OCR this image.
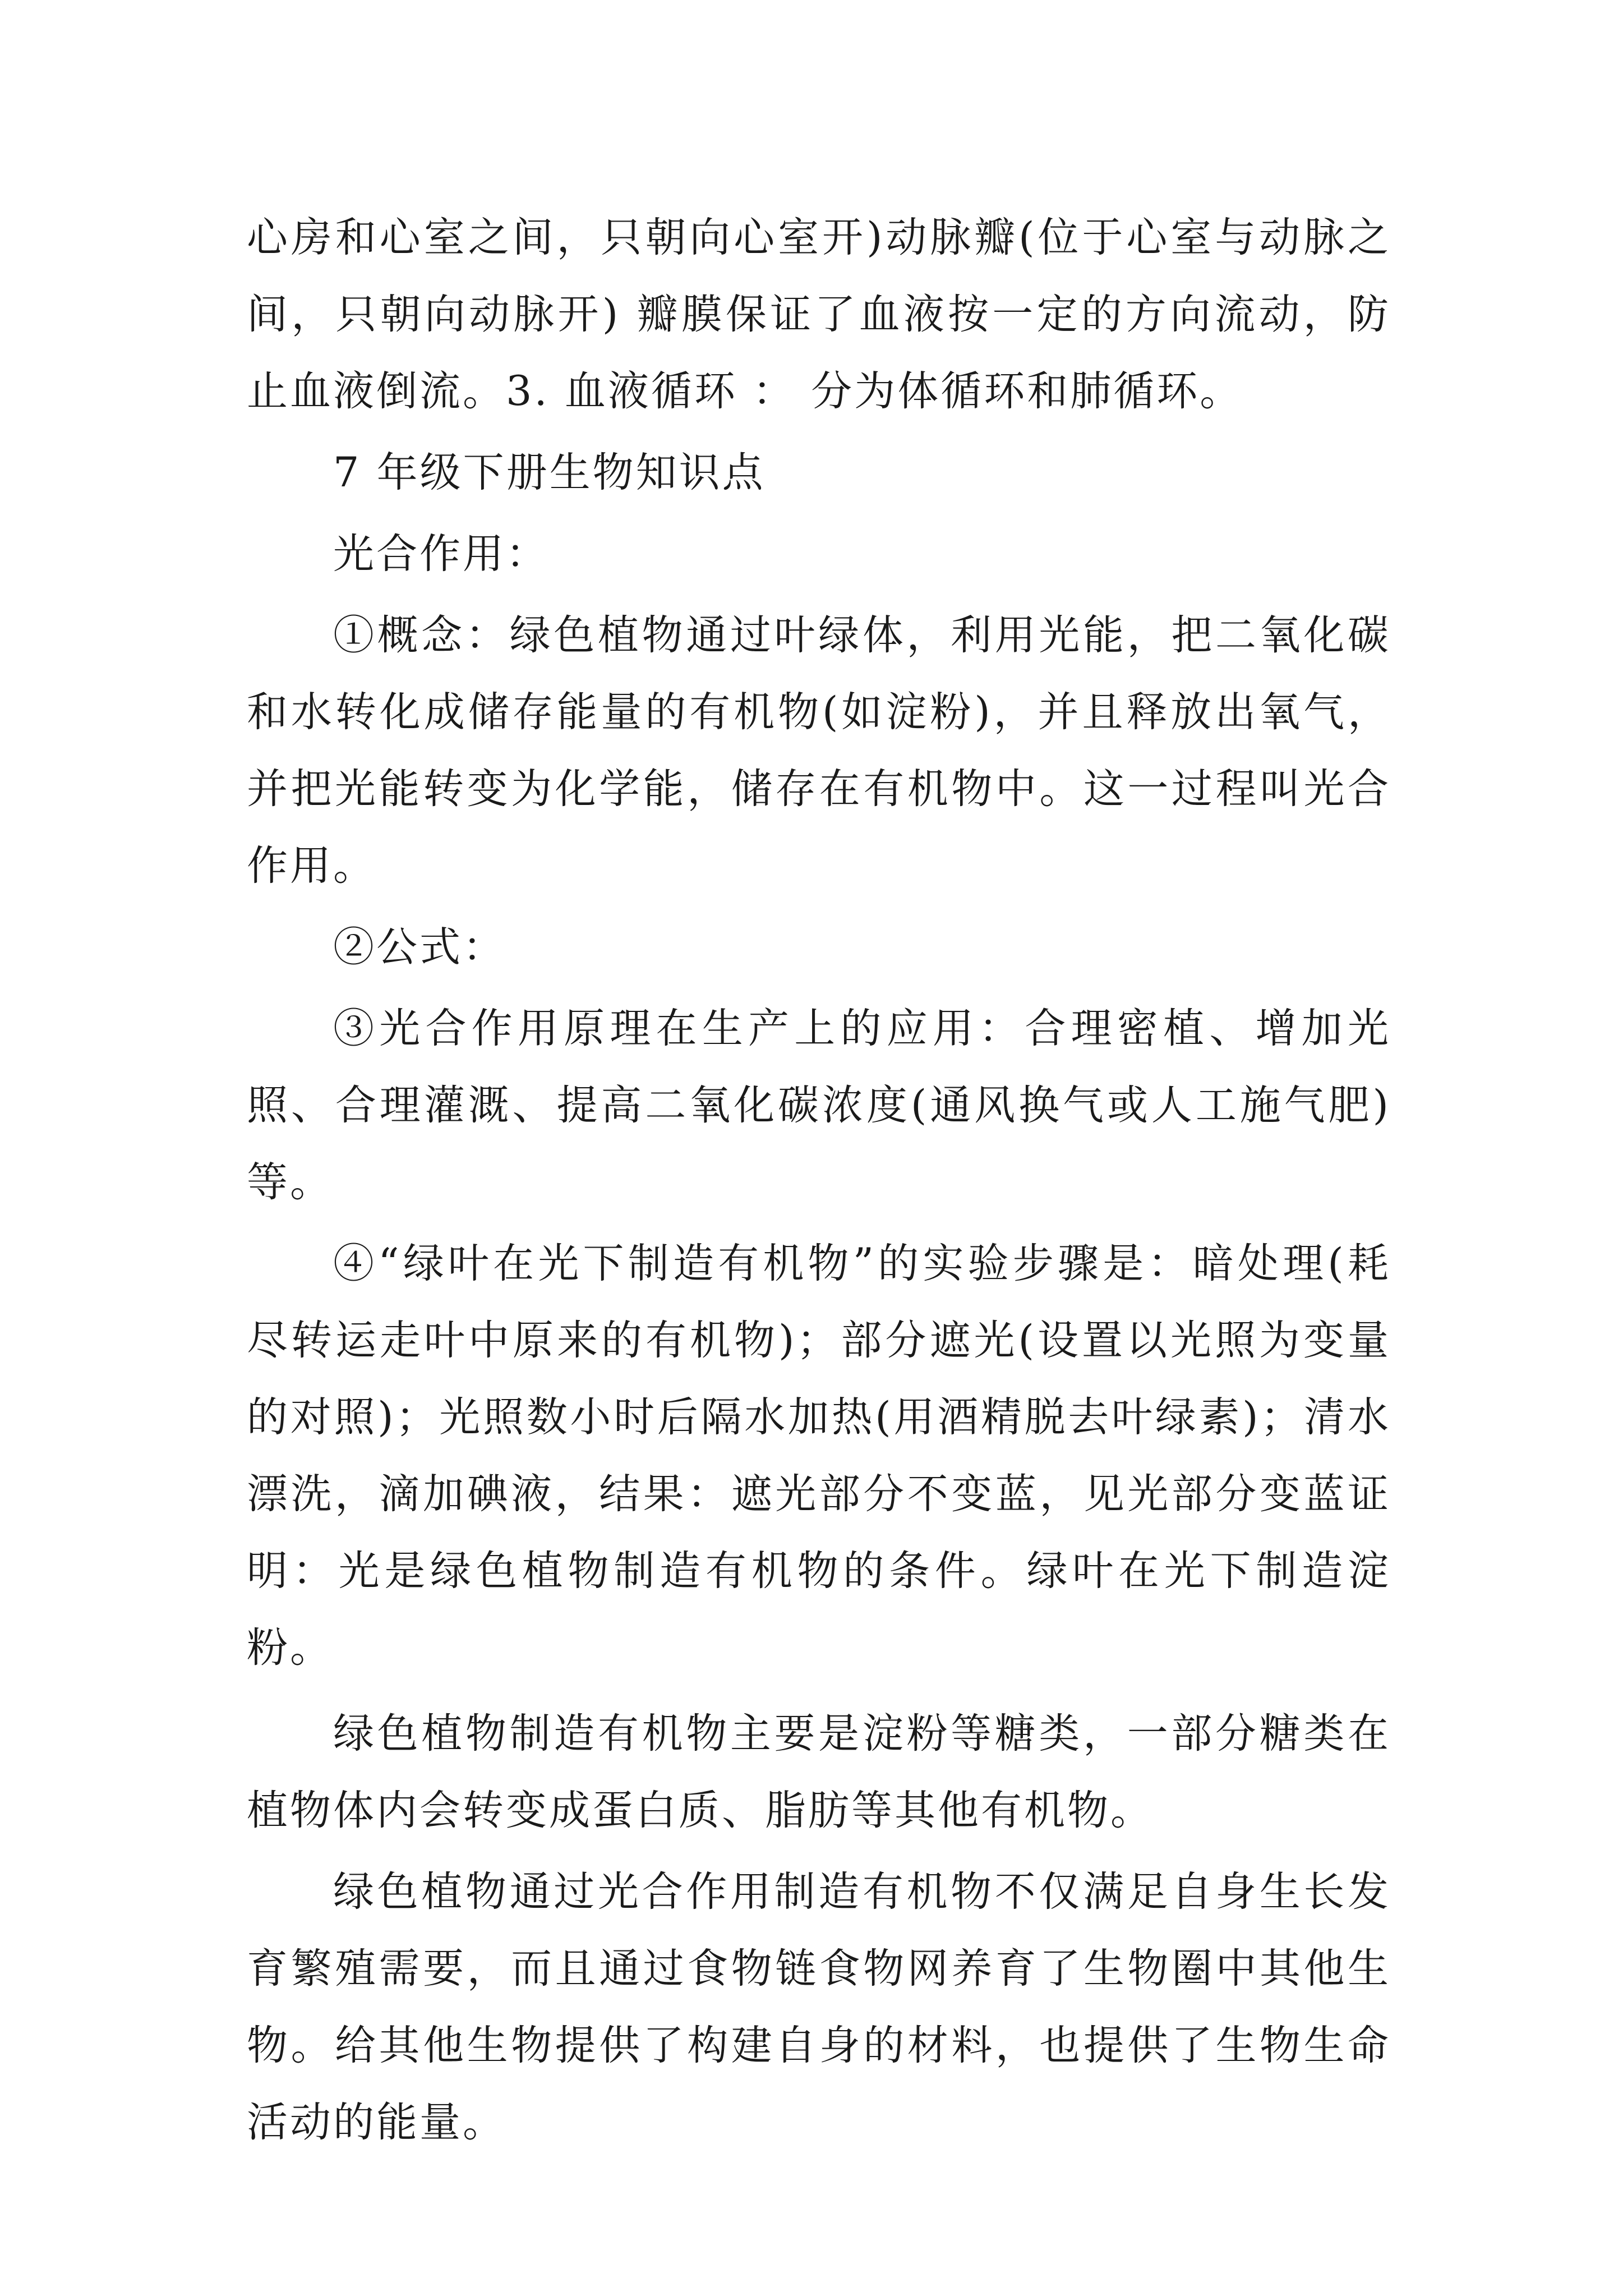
心房和心室之间，只朝向心室开)动脉瓣(位于心室与动脉之间，只朝向动脉开) 瓣膜保证了血液按一定的方向流动，防止血液倒流。3. 血液循环 ： 分为体循环和肺循环。

7 年级下册生物知识点

光合作用：

①概念：绿色植物通过叶绿体，利用光能，把二氧化碳和水转化成储存能量的有机物(如淀粉)，并且释放出氧气，并把光能转变为化学能，储存在有机物中。这一过程叫光合作用。

②公式：

③光合作用原理在生产上的应用：合理密植、增加光照、合理灌溉、提高二氧化碳浓度(通风换气或人工施气肥)等。

④“绿叶在光下制造有机物”的实验步骤是：暗处理(耗尽转运走叶中原来的有机物)；部分遮光(设置以光照为变量的对照)；光照数小时后隔水加热(用酒精脱去叶绿素)；清水漂洗，滴加碘液，结果：遮光部分不变蓝，见光部分变蓝证明：光是绿色植物制造有机物的条件。绿叶在光下制造淀粉。

绿色植物制造有机物主要是淀粉等糖类，一部分糖类在植物体内会转变成蛋白质、脂肪等其他有机物。

绿色植物通过光合作用制造有机物不仅满足自身生长发育繁殖需要，而且通过食物链食物网养育了生物圈中其他生物。给其他生物提供了构建自身的材料，也提供了生物生命活动的能量。
